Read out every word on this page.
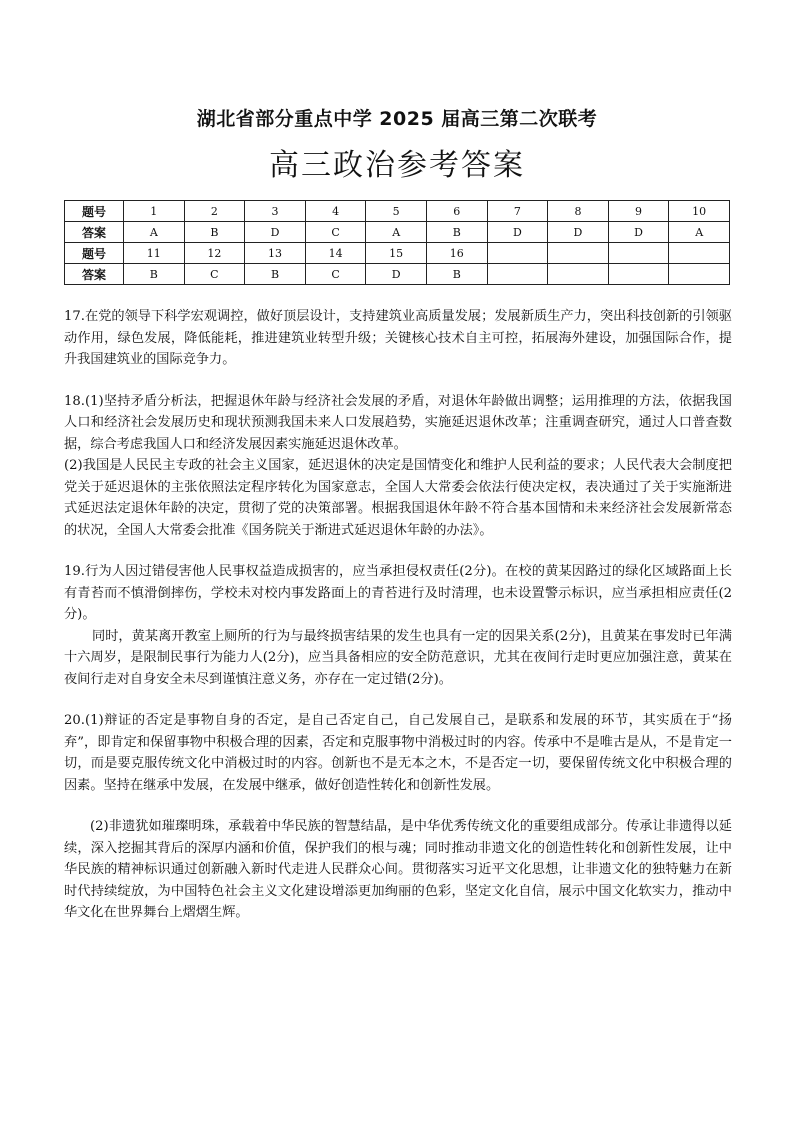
湖北省部分重点中学 2025 届高三第二次联考
高三政治参考答案
题号	1	2	3	4	5	6	7	8	9	10
答案	A	B	D	C	A	B	D	D	D	A
题号	11	12	13	14	15	16				
答案	B	C	B	C	D	B				

17.在党的领导下科学宏观调控，做好顶层设计，支持建筑业高质量发展；发展新质生产力，突出科技创新的引领驱动作用，绿色发展，降低能耗，推进建筑业转型升级；关键核心技术自主可控，拓展海外建设，加强国际合作，提升我国建筑业的国际竞争力。

18.(1)坚持矛盾分析法，把握退休年龄与经济社会发展的矛盾，对退休年龄做出调整；运用推理的方法，依据我国人口和经济社会发展历史和现状预测我国未来人口发展趋势，实施延迟退休改革；注重调查研究，通过人口普查数据，综合考虑我国人口和经济发展因素实施延迟退休改革。

(2)我国是人民民主专政的社会主义国家，延迟退休的决定是国情变化和维护人民利益的要求；人民代表大会制度把党关于延迟退休的主张依照法定程序转化为国家意志，全国人大常委会依法行使决定权，表决通过了关于实施渐进式延迟法定退休年龄的决定，贯彻了党的决策部署。根据我国退休年龄不符合基本国情和未来经济社会发展新常态的状况，全国人大常委会批准《国务院关于渐进式延迟退休年龄的办法》。

19.行为人因过错侵害他人民事权益造成损害的，应当承担侵权责任(2分)。在校的黄某因路过的绿化区域路面上长有青苔而不慎滑倒摔伤，学校未对校内事发路面上的青苔进行及时清理，也未设置警示标识，应当承担相应责任(2分)。

同时，黄某离开教室上厕所的行为与最终损害结果的发生也具有一定的因果关系(2分)，且黄某在事发时已年满十六周岁，是限制民事行为能力人(2分)，应当具备相应的安全防范意识，尤其在夜间行走时更应加强注意，黄某在夜间行走对自身安全未尽到谨慎注意义务，亦存在一定过错(2分)。

20.(1)辩证的否定是事物自身的否定，是自己否定自己，自己发展自己，是联系和发展的环节，其实质在于“扬弃”，即肯定和保留事物中积极合理的因素，否定和克服事物中消极过时的内容。传承中不是唯古是从，不是肯定一切，而是要克服传统文化中消极过时的内容。创新也不是无本之木，不是否定一切，要保留传统文化中积极合理的因素。坚持在继承中发展，在发展中继承，做好创造性转化和创新性发展。

(2)非遗犹如璀璨明珠，承载着中华民族的智慧结晶，是中华优秀传统文化的重要组成部分。传承让非遗得以延续，深入挖掘其背后的深厚内涵和价值，保护我们的根与魂；同时推动非遗文化的创造性转化和创新性发展，让中华民族的精神标识通过创新融入新时代走进人民群众心间。贯彻落实习近平文化思想，让非遗文化的独特魅力在新时代持续绽放，为中国特色社会主义文化建设增添更加绚丽的色彩，坚定文化自信，展示中国文化软实力，推动中华文化在世界舞台上熠熠生辉。
